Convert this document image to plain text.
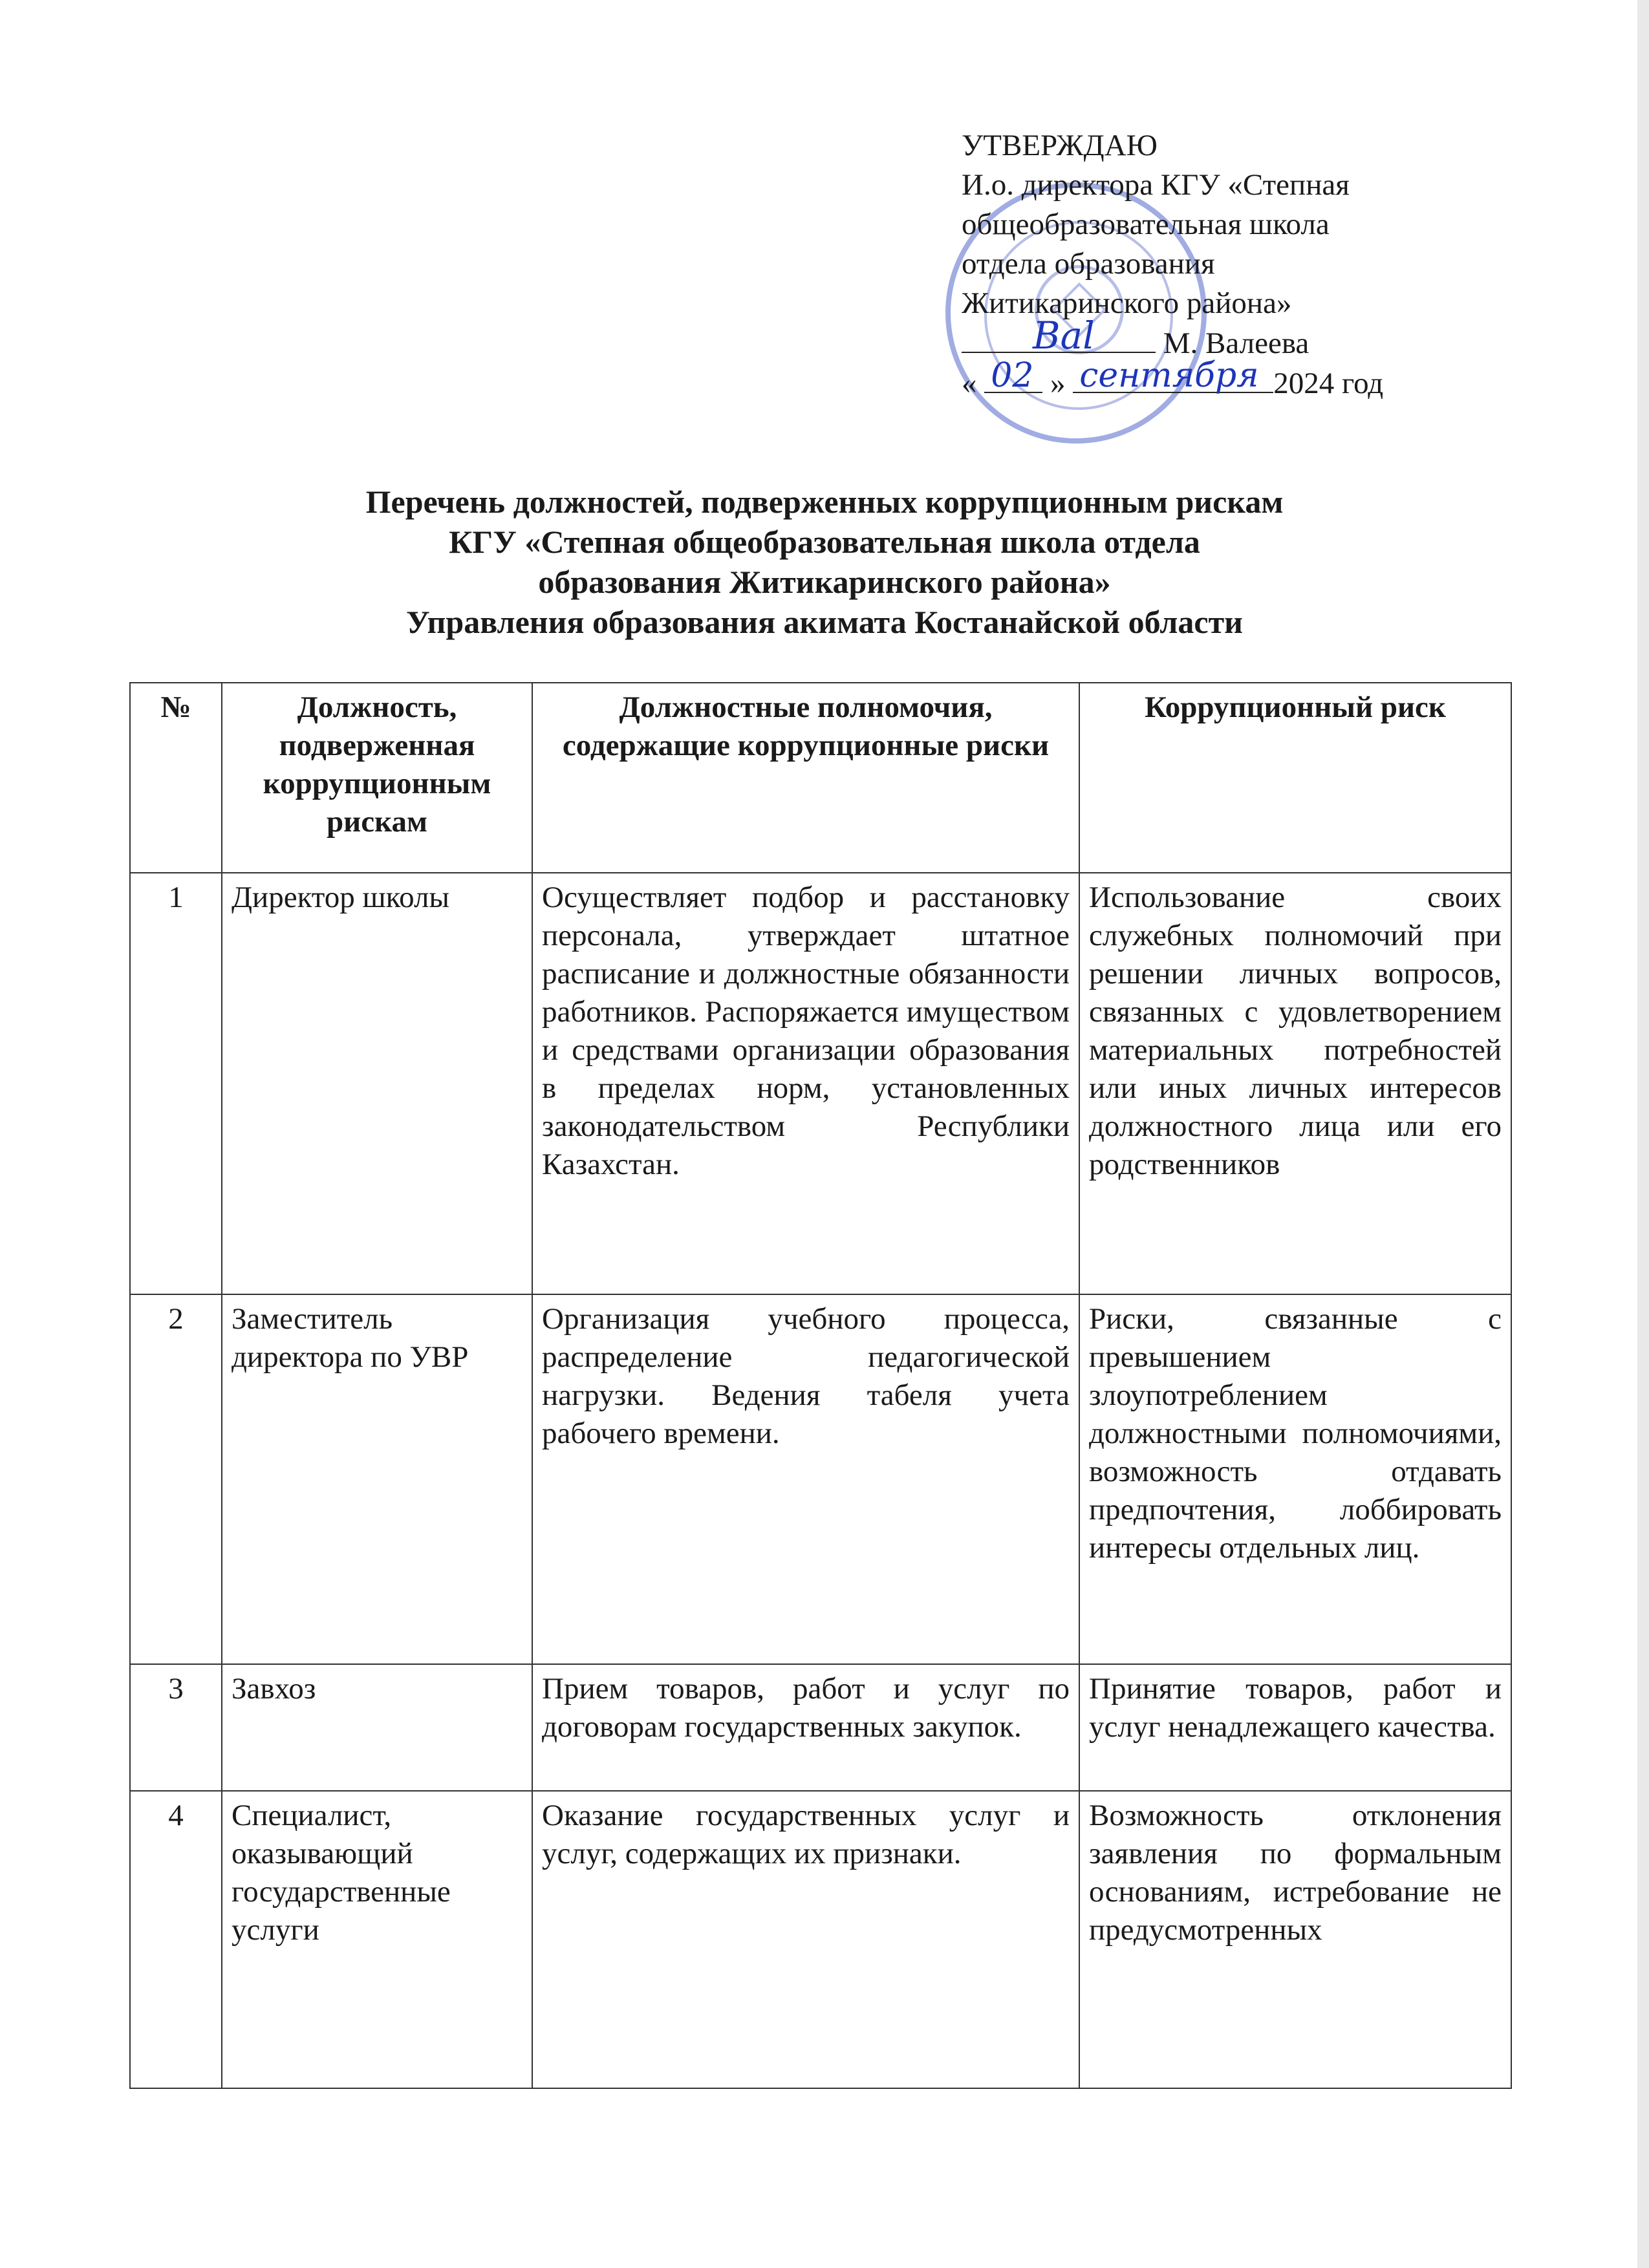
УТВЕРЖДАЮ
И.о. директора КГУ «Степная
общеобразовательная школа
отдела образования
Житикаринского района»
Bal М. Валеева
« 02 » сентября 2024 год
Перечень должностей, подверженных коррупционным рискам
КГУ «Степная общеобразовательная школа отдела
образования Житикаринского района»
Управления образования акимата Костанайской области
№	Должность, подверженная коррупционным рискам	Должностные полномочия, содержащие коррупционные риски	Коррупционный риск
1	Директор школы	Осуществляет подбор и расстановку персонала, утверждает штатное расписание и должностные обязанности работников. Распоряжается имуществом и средствами организации образования в пределах норм, установленных законодательством Республики Казахстан.	Использование своих служебных полномочий при решении личных вопросов, связанных с удовлетворением материальных потребностей или иных личных интересов должностного лица или его родственников
2	Заместитель директора по УВР	Организация учебного процесса, распределение педагогической нагрузки. Ведения табеля учета рабочего времени.	Риски, связанные с превышением злоупотреблением должностными полномочиями, возможность отдавать предпочтения, лоббировать интересы отдельных лиц.
3	Завхоз	Прием товаров, работ и услуг по договорам государственных закупок.	Принятие товаров, работ и услуг ненадлежащего качества.
4	Специалист, оказывающий государственные услуги	Оказание государственных услуг и услуг, содержащих их признаки.	Возможность отклонения заявления по формальным основаниям, истребование не предусмотренных
